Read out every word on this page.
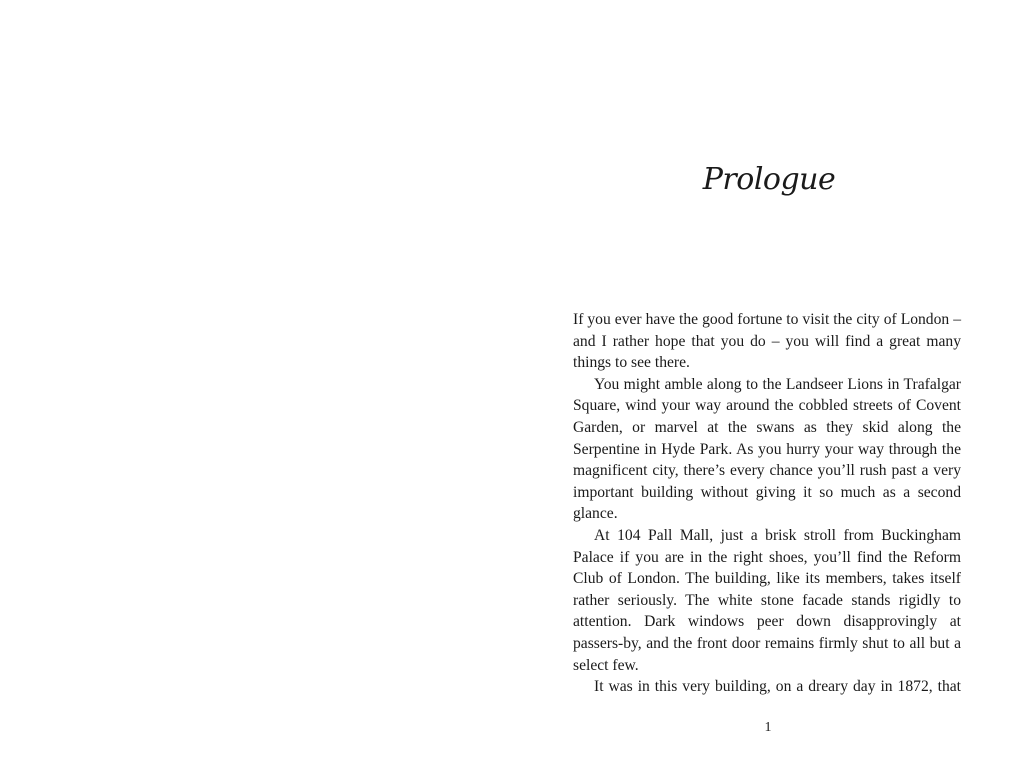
Prologue

If you ever have the good fortune to visit the city of London – and I rather hope that you do – you will find a great many things to see there.

You might amble along to the Landseer Lions in Trafalgar Square, wind your way around the cobbled streets of Covent Garden, or marvel at the swans as they skid along the Serpentine in Hyde Park. As you hurry your way through the magnificent city, there’s every chance you’ll rush past a very important building without giving it so much as a second glance.

At 104 Pall Mall, just a brisk stroll from Buckingham Palace if you are in the right shoes, you’ll find the Reform Club of London. The building, like its members, takes itself rather seriously. The white stone facade stands rigidly to attention. Dark windows peer down disapprovingly at passers-by, and the front door remains firmly shut to all but a select few.

It was in this very building, on a dreary day in 1872, that

1
